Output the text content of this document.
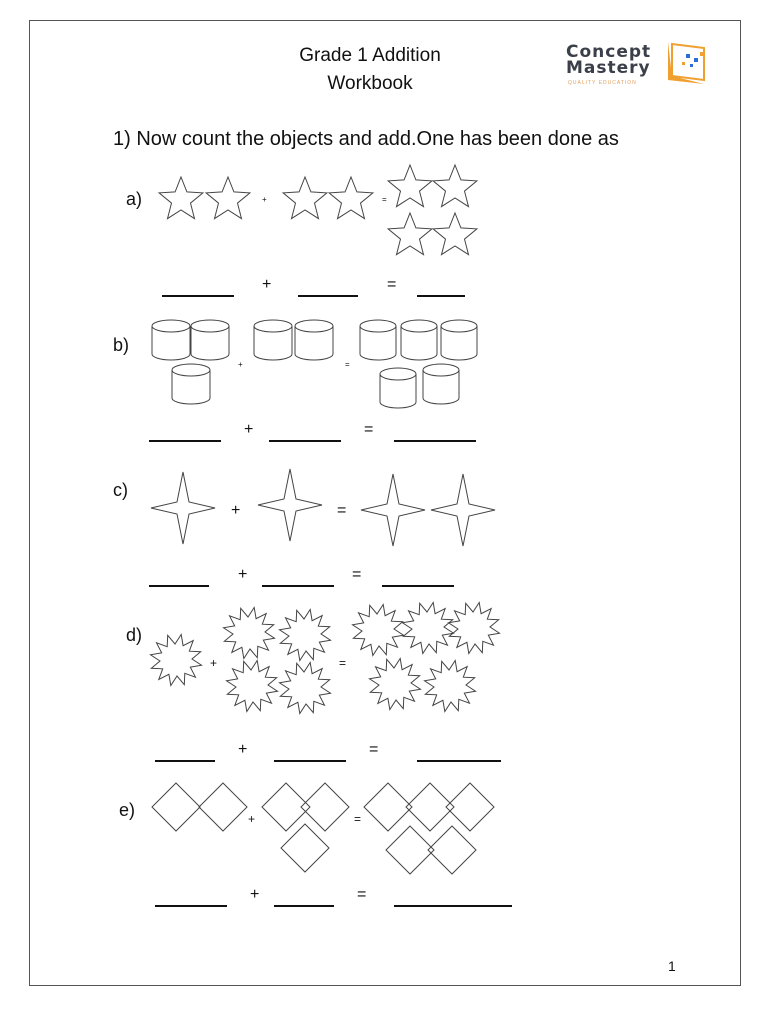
Grade 1 Addition
Workbook
Concept
Mastery
QUALITY EDUCATION
1) Now count the objects and add.One has been done as
a)
b)
c)
d)
e)
+	=
+	=
+	=
+	=
+	=
+	=
+	=
+	=
+	=
+	=
1
